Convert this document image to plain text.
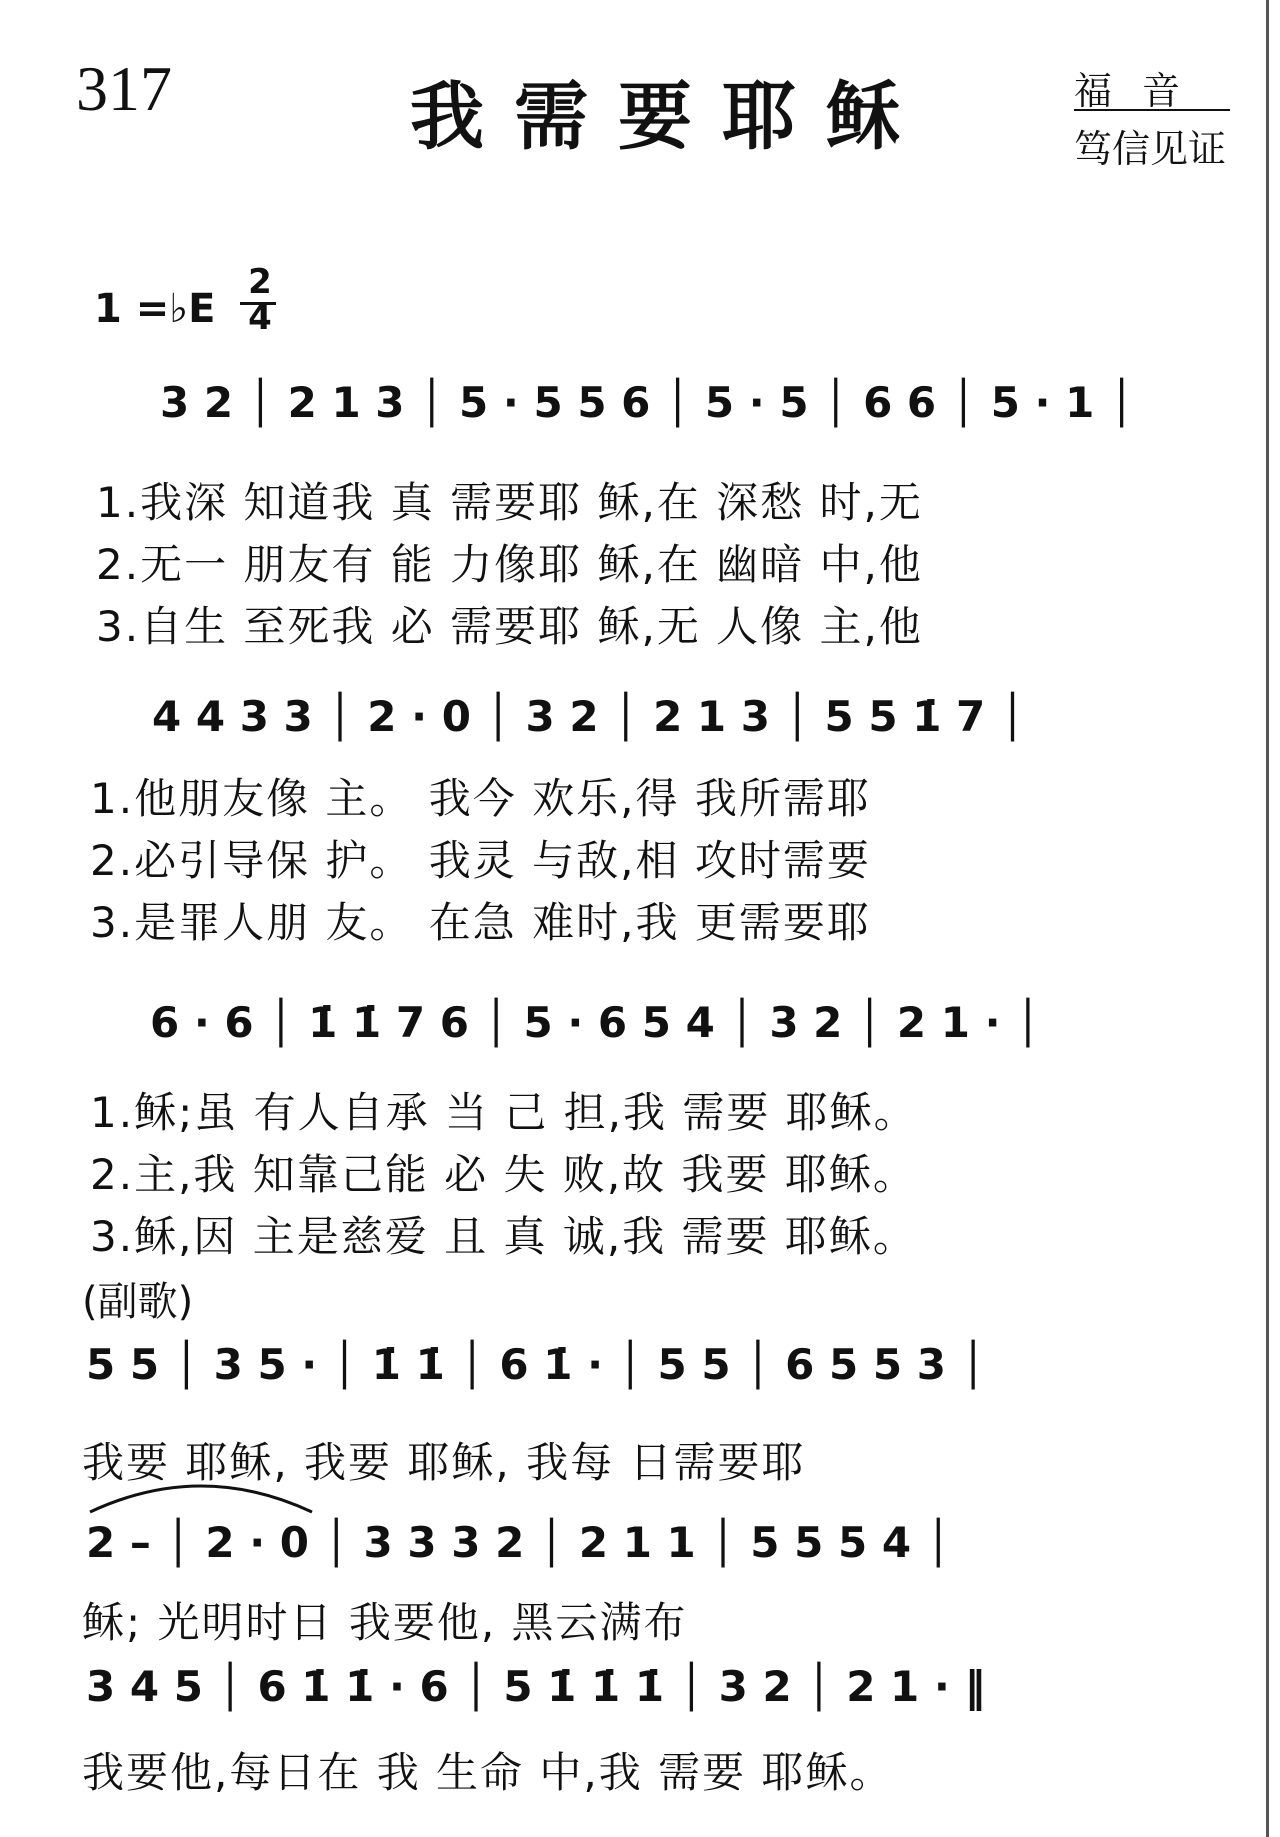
317	我需要耶稣	福音
笃信见证
1 =♭E
2
4
3 2 │ 2 1 3 │ 5 · 5 5 6 │ 5 · 5 │ 6 6 │ 5 · 1 │
1.我深 知道我 真 需要耶 稣,在 深愁 时,无
2.无一 朋友有 能 力像耶 稣,在 幽暗 中,他
3.自生 至死我 必 需要耶 稣,无 人像 主,他
4 4 3 3 │ 2 · 0 │ 3 2 │ 2 1 3 │ 5 5 1̇ 7 │
1.他朋友像 主。 我今 欢乐,得 我所需耶
2.必引导保 护。 我灵 与敌,相 攻时需要
3.是罪人朋 友。 在急 难时,我 更需要耶
6 · 6 │ 1̇ 1̇ 7 6 │ 5 · 6 5 4 │ 3 2 │ 2 1 · │
1.稣;虽 有人自承 当 己 担,我 需要 耶稣。
2.主,我 知靠己能 必 失 败,故 我要 耶稣。
3.稣,因 主是慈爱 且 真 诚,我 需要 耶稣。
(副歌)
5 5 │ 3 5 · │ 1̇ 1̇ │ 6 1̇ · │ 5 5 │ 6 5 5 3 │
我要 耶稣, 我要 耶稣, 我每 日需要耶
2 – │ 2 · 0 │ 3 3 3 2 │ 2 1 1 │ 5 5 5 4 │
稣; 光明时日 我要他, 黑云满布
3 4 5 │ 6 1̇ 1̇ · 6 │ 5 1̇ 1̇ 1̇ │ 3 2 │ 2 1 · ‖
我要他,每日在 我 生命 中,我 需要 耶稣。
